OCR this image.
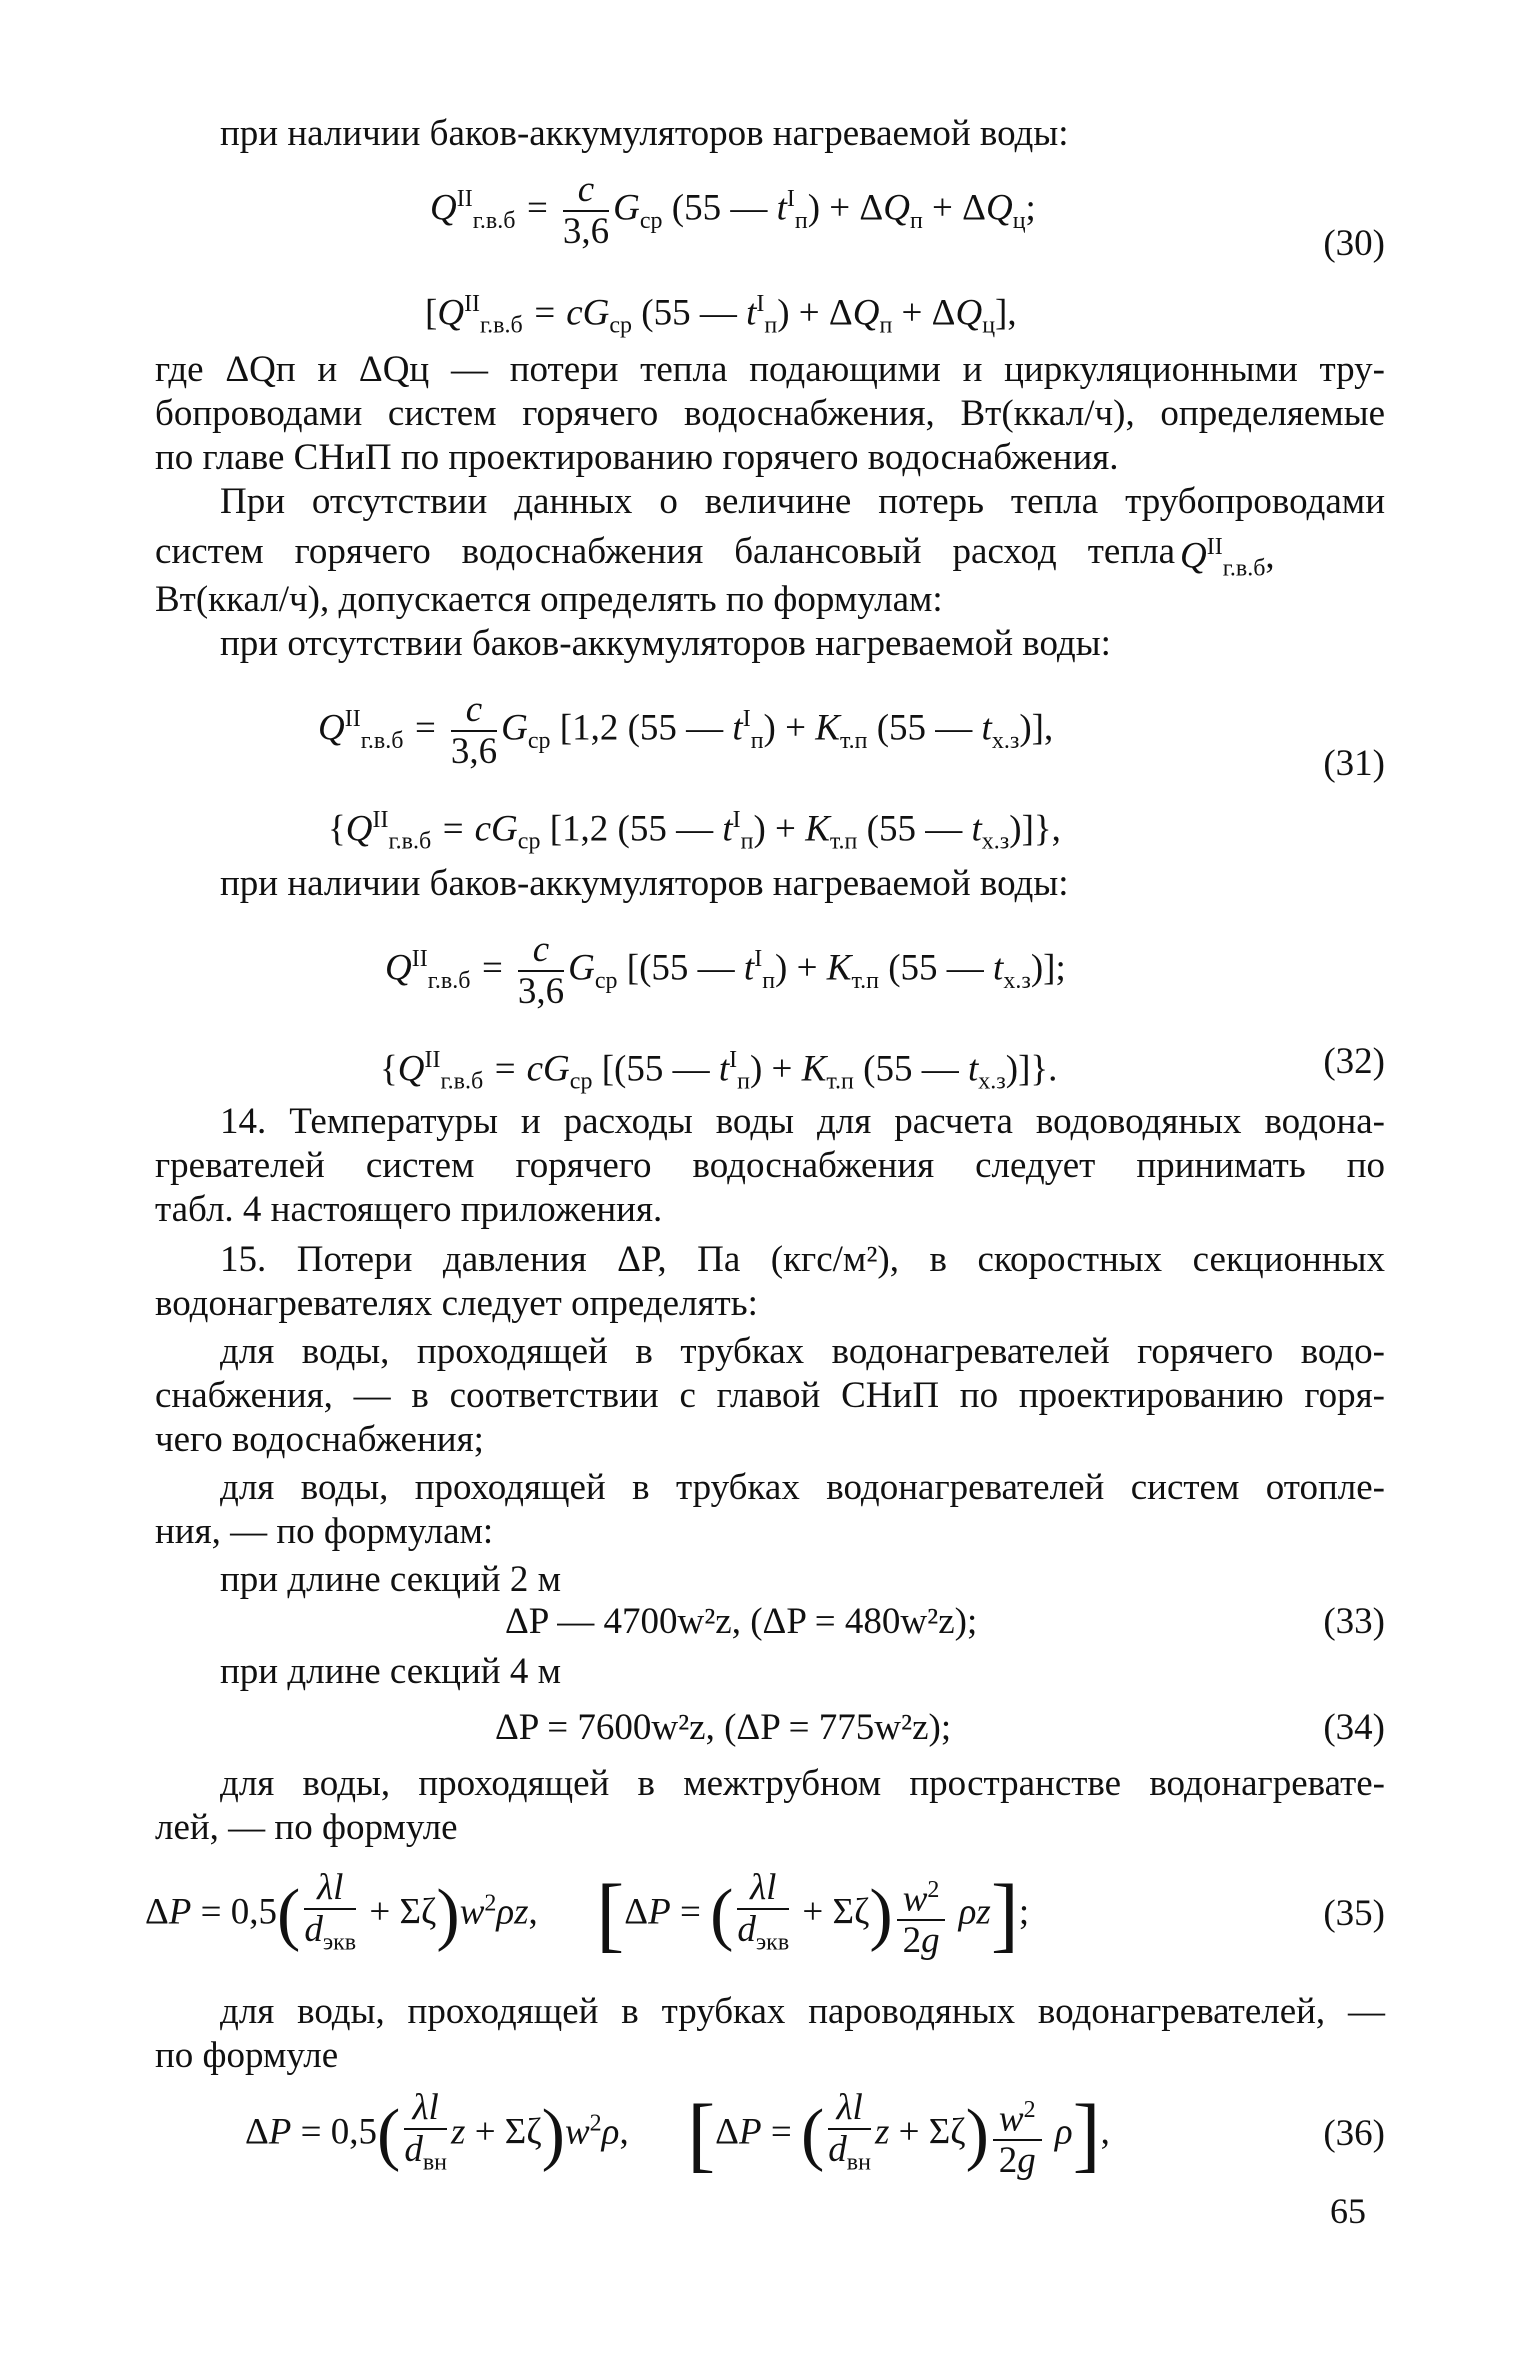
при наличии баков-аккумуляторов нагреваемой воды:
$Q^{II}_{г.в.б} = \frac{c}{3,6} G_{ср}$ (55 — $t^I_п) + \Delta Q_п + \Delta Q_ц$;
[$Q^{II}_{г.в.б} = cG_{ср}$ (55 — $t^I_п) + \Delta Q_п + \Delta Q_ц$],
(30)
где ΔQп и ΔQц — потери тепла подающими и циркуляционными тру-
бопроводами систем горячего водоснабжения, Вт(ккал/ч), определяемые
по главе СНиП по проектированию горячего водоснабжения.
При отсутствии данных о величине потерь тепла трубопроводами
систем горячего водоснабжения балансовый расход тепла $Q^{II}_{г.в.б}$,
Вт(ккал/ч), допускается определять по формулам:
при отсутствии баков-аккумуляторов нагреваемой воды:
$Q^{II}_{г.в.б} = \frac{c}{3,6} G_{ср}$ [1,2 (55 — $t^I_п) + K_{т.п}$ (55 — $t_{х.з}$)],
{$Q^{II}_{г.в.б} = cG_{ср}$ [1,2 (55 — $t^I_п) + K_{т.п}$ (55 — $t_{х.з}$)]},
(31)
при наличии баков-аккумуляторов нагреваемой воды:
$Q^{II}_{г.в.б} = \frac{c}{3,6} G_{ср}$ [(55 — $t^I_п) + K_{т.п}$ (55 — $t_{х.з}$)];
{$Q^{II}_{г.в.б} = cG_{ср}$ [(55 — $t^I_п) + K_{т.п}$ (55 — $t_{х.з}$)]}.	(32)
14. Температуры и расходы воды для расчета водоводяных водона-
гревателей систем горячего водоснабжения следует принимать по
табл. 4 настоящего приложения.
15. Потери давления ΔP, Па (кгс/м²), в скоростных секционных
водонагревателях следует определять:
для воды, проходящей в трубках водонагревателей горячего водо-
снабжения, — в соответствии с главой СНиП по проектированию горя-
чего водоснабжения;
для воды, проходящей в трубках водонагревателей систем отопле-
ния, — по формулам:
при длине секций 2 м
ΔP — 4700w²z, (ΔP = 480w²z);	(33)
при длине секций 4 м
ΔP = 7600w²z, (ΔP = 775w²z);	(34)
для воды, проходящей в межтрубном пространстве водонагревате-
лей, — по формуле
$\Delta P = 0,5( \frac{\lambda l}{d_{экв}} + \Sigma\zeta)w^2\rho z$, [ΔP = ( $\frac{\lambda l}{d_{экв}} + \Sigma\zeta) \frac{w^2}{2g} \rho z$];	(35)
для воды, проходящей в трубках пароводяных водонагревателей, —
по формуле
$\Delta P = 0,5( \frac{\lambda l}{d_{вн}}$ $z + \Sigma\zeta)w^2\rho$, [ΔP = ( $\frac{\lambda l}{d_{вн}}$ $z + \Sigma\zeta) \frac{w^2}{2g} \rho$],	(36)
65
